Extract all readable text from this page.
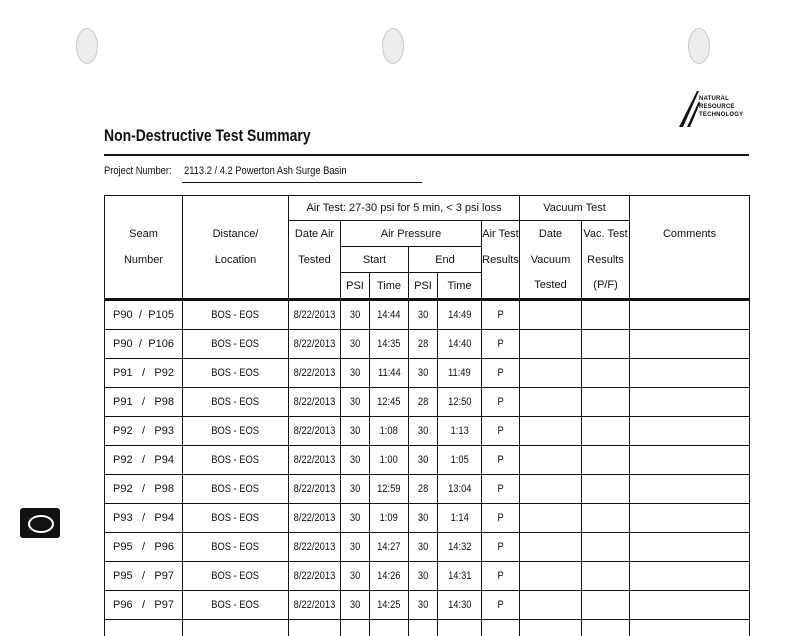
NATURAL
RESOURCE
TECHNOLOGY
Non-Destructive Test Summary
Project Number: 2113.2 / 4.2 Powerton Ash Surge Basin
		Air Test: 27-30 psi for 5 min, < 3 psi loss						Vacuum Test		
Seam	Distance/	Date Air	Air Pressure				Air Test	Date	Vac. Test	Comments
Number	Location	Tested	Start		End		Results	Vacuum	Results	
			PSI	Time	PSI	Time		Tested	(P/F)	

P90 / P105	BOS - EOS	8/22/2013	30	14:44	30	14:49	P			

P90 / P106	BOS - EOS	8/22/2013	30	14:35	28	14:40	P			

P91 / P92	BOS - EOS	8/22/2013	30	11:44	30	11:49	P			

P91 / P98	BOS - EOS	8/22/2013	30	12:45	28	12:50	P			

P92 / P93	BOS - EOS	8/22/2013	30	1:08	30	1:13	P			

P92 / P94	BOS - EOS	8/22/2013	30	1:00	30	1:05	P			

P92 / P98	BOS - EOS	8/22/2013	30	12:59	28	13:04	P			

P93 / P94	BOS - EOS	8/22/2013	30	1:09	30	1:14	P			

P95 / P96	BOS - EOS	8/22/2013	30	14:27	30	14:32	P			

P95 / P97	BOS - EOS	8/22/2013	30	14:26	30	14:31	P			

P96 / P97	BOS - EOS	8/22/2013	30	14:25	30	14:30	P			
